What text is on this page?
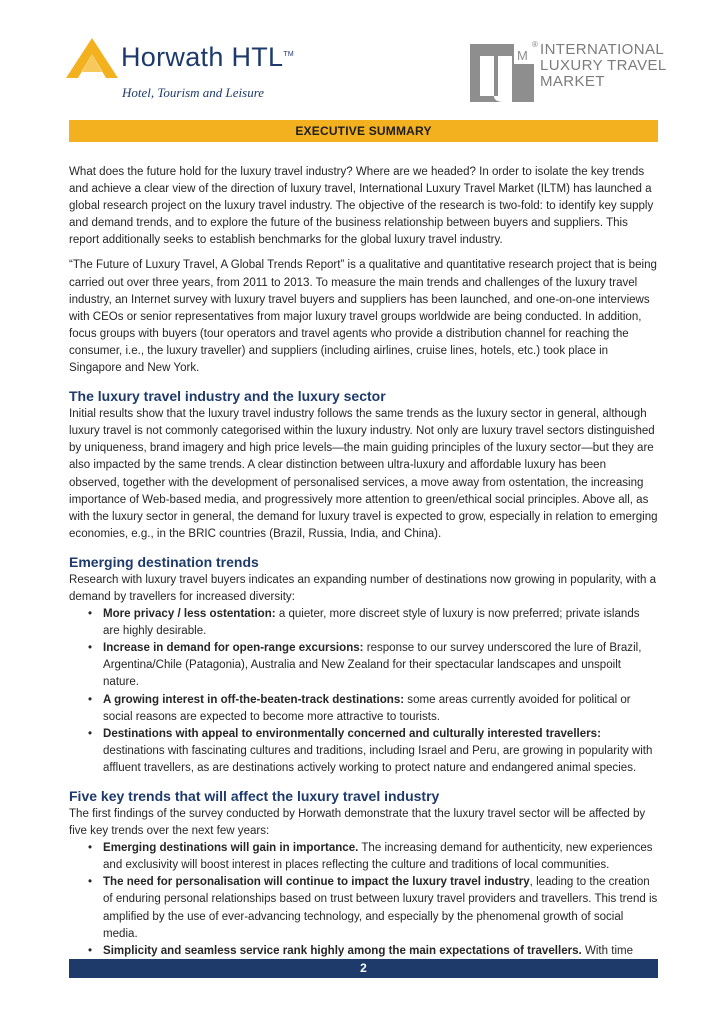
Horwath HTL™
Hotel, Tourism and Leisure
M
® INTERNATIONAL
LUXURY TRAVEL
MARKET
EXECUTIVE SUMMARY

What does the future hold for the luxury travel industry? Where are we headed? In order to isolate the key trends and achieve a clear view of the direction of luxury travel, International Luxury Travel Market (ILTM) has launched a global research project on the luxury travel industry. The objective of the research is two-fold: to identify key supply and demand trends, and to explore the future of the business relationship between buyers and suppliers. This report additionally seeks to establish benchmarks for the global luxury travel industry.

“The Future of Luxury Travel, A Global Trends Report” is a qualitative and quantitative research project that is being carried out over three years, from 2011 to 2013. To measure the main trends and challenges of the luxury travel industry, an Internet survey with luxury travel buyers and suppliers has been launched, and one-on-one interviews with CEOs or senior representatives from major luxury travel groups worldwide are being conducted. In addition, focus groups with buyers (tour operators and travel agents who provide a distribution channel for reaching the consumer, i.e., the luxury traveller) and suppliers (including airlines, cruise lines, hotels, etc.) took place in Singapore and New York.

The luxury travel industry and the luxury sector

Initial results show that the luxury travel industry follows the same trends as the luxury sector in general, although luxury travel is not commonly categorised within the luxury industry. Not only are luxury travel sectors distinguished by uniqueness, brand imagery and high price levels—the main guiding principles of the luxury sector—but they are also impacted by the same trends. A clear distinction between ultra-luxury and affordable luxury has been observed, together with the development of personalised services, a move away from ostentation, the increasing importance of Web-based media, and progressively more attention to green/ethical social principles. Above all, as with the luxury sector in general, the demand for luxury travel is expected to grow, especially in relation to emerging economies, e.g., in the BRIC countries (Brazil, Russia, India, and China).

Emerging destination trends

Research with luxury travel buyers indicates an expanding number of destinations now growing in popularity, with a demand by travellers for increased diversity:

• More privacy / less ostentation: a quieter, more discreet style of luxury is now preferred; private islands are highly desirable.
• Increase in demand for open-range excursions: response to our survey underscored the lure of Brazil, Argentina/Chile (Patagonia), Australia and New Zealand for their spectacular landscapes and unspoilt nature.
• A growing interest in off-the-beaten-track destinations: some areas currently avoided for political or social reasons are expected to become more attractive to tourists.
• Destinations with appeal to environmentally concerned and culturally interested travellers: destinations with fascinating cultures and traditions, including Israel and Peru, are growing in popularity with affluent travellers, as are destinations actively working to protect nature and endangered animal species.
Five key trends that will affect the luxury travel industry

The first findings of the survey conducted by Horwath demonstrate that the luxury travel sector will be affected by five key trends over the next few years:

• Emerging destinations will gain in importance. The increasing demand for authenticity, new experiences and exclusivity will boost interest in places reflecting the culture and traditions of local communities.
• The need for personalisation will continue to impact the luxury travel industry, leading to the creation of enduring personal relationships based on trust between luxury travel providers and travellers. This trend is amplified by the use of ever-advancing technology, and especially by the phenomenal growth of social media.
• Simplicity and seamless service rank highly among the main expectations of travellers. With time
2
